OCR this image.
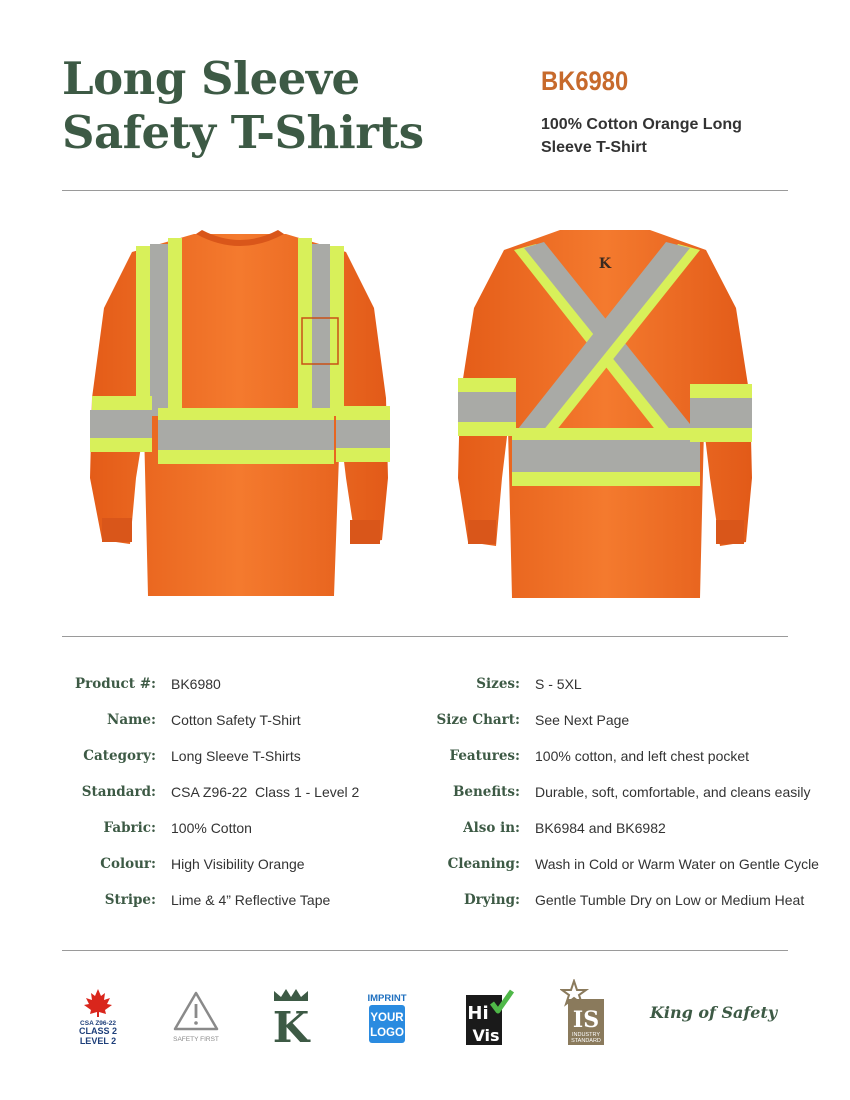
Long Sleeve
Safety T-Shirts
BK6980
100% Cotton Orange Long
Sleeve T-Shirt
K
Product #: BK6980	Sizes: S - 5XL
Name: Cotton Safety T-Shirt	Size Chart: See Next Page
Category: Long Sleeve T-Shirts	Features: 100% cotton, and left chest pocket
Standard: CSA Z96-22  Class 1 - Level 2	Benefits: Durable, soft, comfortable, and cleans easily
Fabric: 100% Cotton	Also in: BK6984 and BK6982
Colour: High Visibility Orange	Cleaning: Wash in Cold or Warm Water on Gentle Cycle
Stripe: Lime & 4” Reflective Tape	Drying: Gentle Tumble Dry on Low or Medium Heat
CSA Z96-22
CLASS 2
LEVEL 2	SAFETY FIRST K
IMPRINT
YOUR
LOGO
Hi
Vis
IS
INDUSTRY
STANDARD
King of Safety
